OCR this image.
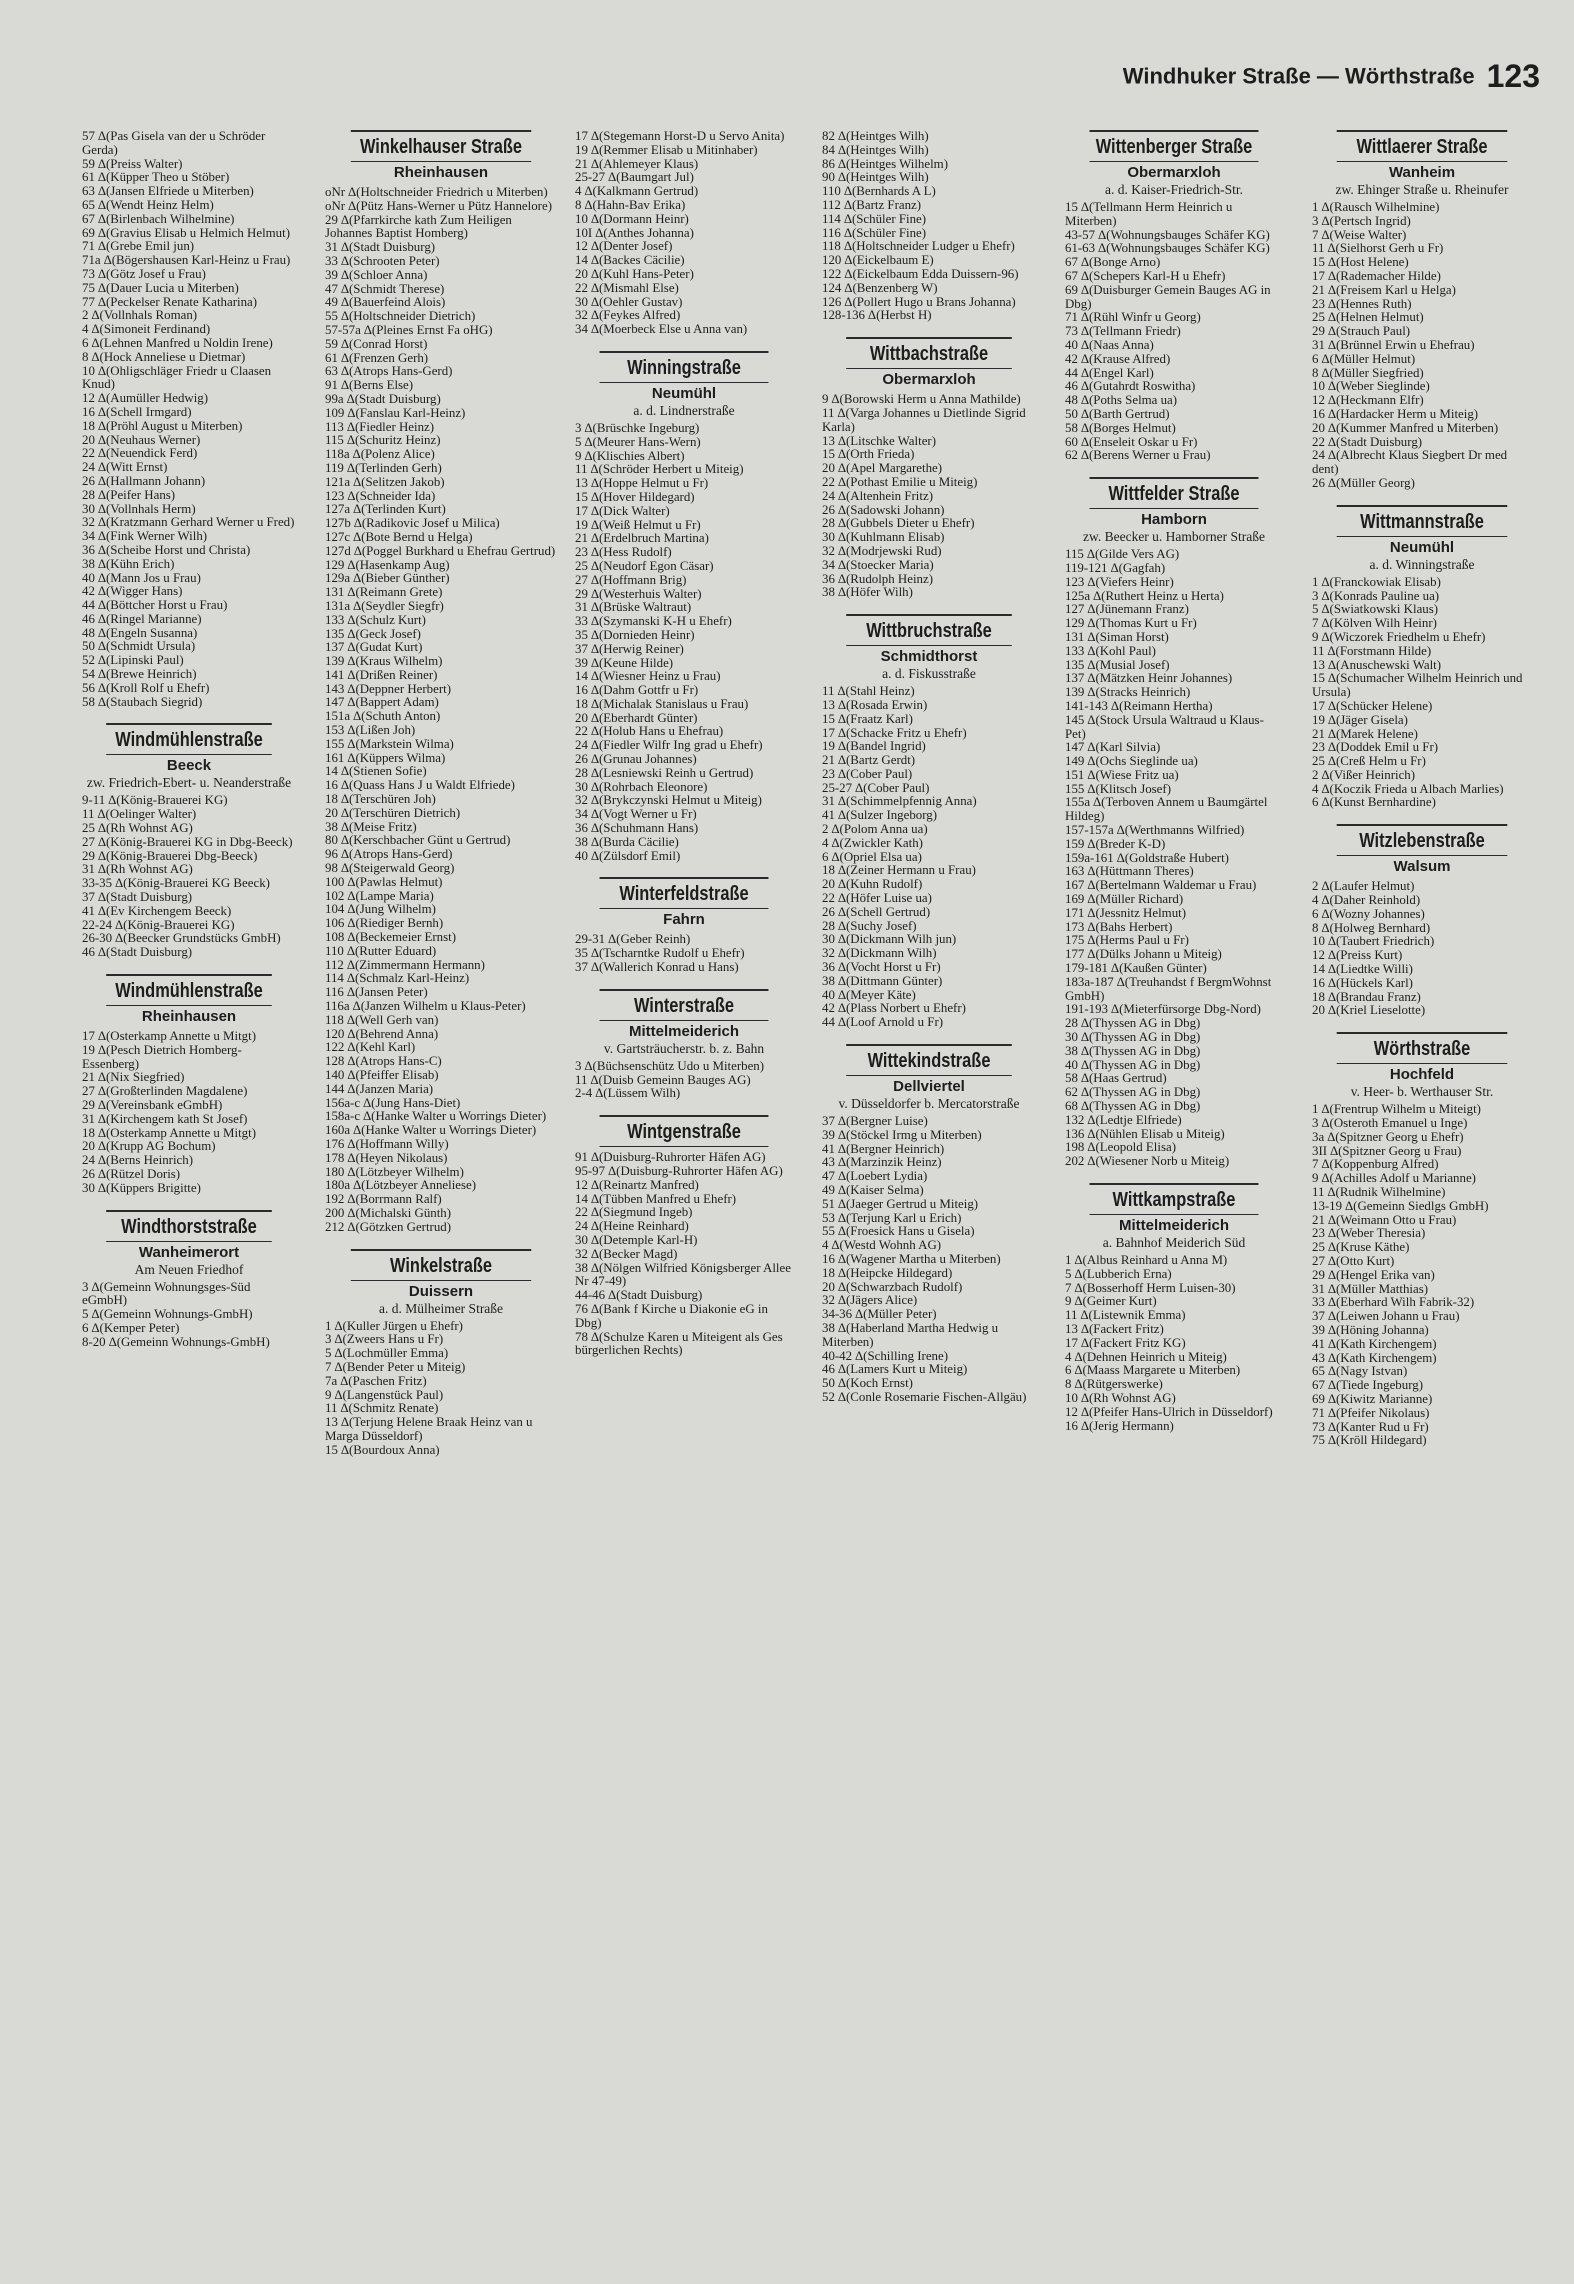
Windhuker Straße — Wörthstraße 123
57 ∆(Pas Gisela van der u Schröder Gerda)
59 ∆(Preiss Walter)
61 ∆(Küpper Theo u Stöber)
63 ∆(Jansen Elfriede u Miterben)
65 ∆(Wendt Heinz Helm)
67 ∆(Birlenbach Wilhelmine)
69 ∆(Gravius Elisab u Helmich Helmut)
71 ∆(Grebe Emil jun)
71a ∆(Bögershausen Karl-Heinz u Frau)
73 ∆(Götz Josef u Frau)
75 ∆(Dauer Lucia u Miterben)
77 ∆(Peckelser Renate Katharina)
2 ∆(Vollnhals Roman)
4 ∆(Simoneit Ferdinand)
6 ∆(Lehnen Manfred u Noldin Irene)
8 ∆(Hock Anneliese u Dietmar)
10 ∆(Ohligschläger Friedr u Claasen Knud)
12 ∆(Aumüller Hedwig)
16 ∆(Schell Irmgard)
18 ∆(Pröhl August u Miterben)
20 ∆(Neuhaus Werner)
22 ∆(Neuendick Ferd)
24 ∆(Witt Ernst)
26 ∆(Hallmann Johann)
28 ∆(Peifer Hans)
30 ∆(Vollnhals Herm)
32 ∆(Kratzmann Gerhard Werner u Fred)
34 ∆(Fink Werner Wilh)
36 ∆(Scheibe Horst und Christa)
38 ∆(Kühn Erich)
40 ∆(Mann Jos u Frau)
42 ∆(Wigger Hans)
44 ∆(Böttcher Horst u Frau)
46 ∆(Ringel Marianne)
48 ∆(Engeln Susanna)
50 ∆(Schmidt Ursula)
52 ∆(Lipinski Paul)
54 ∆(Brewe Heinrich)
56 ∆(Kroll Rolf u Ehefr)
58 ∆(Staubach Siegrid)
Windmühlenstraße
Beeck
zw. Friedrich-Ebert- u. Neanderstraße
9-11 ∆(König-Brauerei KG)
11 ∆(Oelinger Walter)
25 ∆(Rh Wohnst AG)
27 ∆(König-Brauerei KG in Dbg-Beeck)
29 ∆(König-Brauerei Dbg-Beeck)
31 ∆(Rh Wohnst AG)
33-35 ∆(König-Brauerei KG Beeck)
37 ∆(Stadt Duisburg)
41 ∆(Ev Kirchengem Beeck)
22-24 ∆(König-Brauerei KG)
26-30 ∆(Beecker Grundstücks GmbH)
46 ∆(Stadt Duisburg)
Windmühlenstraße
Rheinhausen
17 ∆(Osterkamp Annette u Mitgt)
19 ∆(Pesch Dietrich Homberg-Essenberg)
21 ∆(Nix Siegfried)
27 ∆(Großterlinden Magdalene)
29 ∆(Vereinsbank eGmbH)
31 ∆(Kirchengem kath St Josef)
18 ∆(Osterkamp Annette u Mitgt)
20 ∆(Krupp AG Bochum)
24 ∆(Berns Heinrich)
26 ∆(Rützel Doris)
30 ∆(Küppers Brigitte)
Windthorststraße
Wanheimerort
Am Neuen Friedhof
3 ∆(Gemeinn Wohnungsges-Süd eGmbH)
5 ∆(Gemeinn Wohnungs-GmbH)
6 ∆(Kemper Peter)
8-20 ∆(Gemeinn Wohnungs-GmbH)
Winkelhauser Straße
Rheinhausen
oNr ∆(Holtschneider Friedrich u Miterben)
oNr ∆(Pütz Hans-Werner u Pütz Hannelore)
29 ∆(Pfarrkirche kath Zum Heiligen Johannes Baptist Homberg)
31 ∆(Stadt Duisburg)
33 ∆(Schrooten Peter)
39 ∆(Schloer Anna)
47 ∆(Schmidt Therese)
49 ∆(Bauerfeind Alois)
55 ∆(Holtschneider Dietrich)
57-57a ∆(Pleines Ernst Fa oHG)
59 ∆(Conrad Horst)
61 ∆(Frenzen Gerh)
63 ∆(Atrops Hans-Gerd)
91 ∆(Berns Else)
99a ∆(Stadt Duisburg)
109 ∆(Fanslau Karl-Heinz)
113 ∆(Fiedler Heinz)
115 ∆(Schuritz Heinz)
118a ∆(Polenz Alice)
119 ∆(Terlinden Gerh)
121a ∆(Selitzen Jakob)
123 ∆(Schneider Ida)
127a ∆(Terlinden Kurt)
127b ∆(Radikovic Josef u Milica)
127c ∆(Bote Bernd u Helga)
127d ∆(Poggel Burkhard u Ehefrau Gertrud)
129 ∆(Hasenkamp Aug)
129a ∆(Bieber Günther)
131 ∆(Reimann Grete)
131a ∆(Seydler Siegfr)
133 ∆(Schulz Kurt)
135 ∆(Geck Josef)
137 ∆(Gudat Kurt)
139 ∆(Kraus Wilhelm)
141 ∆(Drißen Reiner)
143 ∆(Deppner Herbert)
147 ∆(Bappert Adam)
151a ∆(Schuth Anton)
153 ∆(Lißen Joh)
155 ∆(Markstein Wilma)
161 ∆(Küppers Wilma)
14 ∆(Stienen Sofie)
16 ∆(Quass Hans J u Waldt Elfriede)
18 ∆(Terschüren Joh)
20 ∆(Terschüren Dietrich)
38 ∆(Meise Fritz)
80 ∆(Kerschbacher Günt u Gertrud)
96 ∆(Atrops Hans-Gerd)
98 ∆(Steigerwald Georg)
100 ∆(Pawlas Helmut)
102 ∆(Lampe Maria)
104 ∆(Jung Wilhelm)
106 ∆(Riediger Bernh)
108 ∆(Beckemeier Ernst)
110 ∆(Rutter Eduard)
112 ∆(Zimmermann Hermann)
114 ∆(Schmalz Karl-Heinz)
116 ∆(Jansen Peter)
116a ∆(Janzen Wilhelm u Klaus-Peter)
118 ∆(Well Gerh van)
120 ∆(Behrend Anna)
122 ∆(Kehl Karl)
128 ∆(Atrops Hans-C)
140 ∆(Pfeiffer Elisab)
144 ∆(Janzen Maria)
156a-c ∆(Jung Hans-Diet)
158a-c ∆(Hanke Walter u Worrings Dieter)
160a ∆(Hanke Walter u Worrings Dieter)
176 ∆(Hoffmann Willy)
178 ∆(Heyen Nikolaus)
180 ∆(Lötzbeyer Wilhelm)
180a ∆(Lötzbeyer Anneliese)
192 ∆(Borrmann Ralf)
200 ∆(Michalski Günth)
212 ∆(Götzken Gertrud)
Winkelstraße
Duissern
a. d. Mülheimer Straße
1 ∆(Kuller Jürgen u Ehefr)
3 ∆(Zweers Hans u Fr)
5 ∆(Lochmüller Emma)
7 ∆(Bender Peter u Miteig)
7a ∆(Paschen Fritz)
9 ∆(Langenstück Paul)
11 ∆(Schmitz Renate)
13 ∆(Terjung Helene Braak Heinz van u Marga Düsseldorf)
15 ∆(Bourdoux Anna)
17 ∆(Stegemann Horst-D u Servo Anita)
19 ∆(Remmer Elisab u Mitinhaber)
21 ∆(Ahlemeyer Klaus)
25-27 ∆(Baumgart Jul)
4 ∆(Kalkmann Gertrud)
8 ∆(Hahn-Bav Erika)
10 ∆(Dormann Heinr)
10I ∆(Anthes Johanna)
12 ∆(Denter Josef)
14 ∆(Backes Cäcilie)
20 ∆(Kuhl Hans-Peter)
22 ∆(Mismahl Else)
30 ∆(Oehler Gustav)
32 ∆(Feykes Alfred)
34 ∆(Moerbeck Else u Anna van)
Winningstraße
Neumühl
a. d. Lindnerstraße
3 ∆(Brüschke Ingeburg)
5 ∆(Meurer Hans-Wern)
9 ∆(Klischies Albert)
11 ∆(Schröder Herbert u Miteig)
13 ∆(Hoppe Helmut u Fr)
15 ∆(Hover Hildegard)
17 ∆(Dick Walter)
19 ∆(Weiß Helmut u Fr)
21 ∆(Erdelbruch Martina)
23 ∆(Hess Rudolf)
25 ∆(Neudorf Egon Cäsar)
27 ∆(Hoffmann Brig)
29 ∆(Westerhuis Walter)
31 ∆(Brüske Waltraut)
33 ∆(Szymanski K-H u Ehefr)
35 ∆(Dornieden Heinr)
37 ∆(Herwig Reiner)
39 ∆(Keune Hilde)
14 ∆(Wiesner Heinz u Frau)
16 ∆(Dahm Gottfr u Fr)
18 ∆(Michalak Stanislaus u Frau)
20 ∆(Eberhardt Günter)
22 ∆(Holub Hans u Ehefrau)
24 ∆(Fiedler Wilfr Ing grad u Ehefr)
26 ∆(Grunau Johannes)
28 ∆(Lesniewski Reinh u Gertrud)
30 ∆(Rohrbach Eleonore)
32 ∆(Brykczynski Helmut u Miteig)
34 ∆(Vogt Werner u Fr)
36 ∆(Schuhmann Hans)
38 ∆(Burda Cäcilie)
40 ∆(Zülsdorf Emil)
Winterfeldstraße
Fahrn
29-31 ∆(Geber Reinh)
35 ∆(Tscharntke Rudolf u Ehefr)
37 ∆(Wallerich Konrad u Hans)
Winterstraße
Mittelmeiderich
v. Gartsträucherstr. b. z. Bahn
3 ∆(Büchsenschütz Udo u Miterben)
11 ∆(Duisb Gemeinn Bauges AG)
2-4 ∆(Lüssem Wilh)
Wintgenstraße
91 ∆(Duisburg-Ruhrorter Häfen AG)
95-97 ∆(Duisburg-Ruhrorter Häfen AG)
12 ∆(Reinartz Manfred)
14 ∆(Tübben Manfred u Ehefr)
22 ∆(Siegmund Ingeb)
24 ∆(Heine Reinhard)
30 ∆(Detemple Karl-H)
32 ∆(Becker Magd)
38 ∆(Nölgen Wilfried Königsberger Allee Nr 47-49)
44-46 ∆(Stadt Duisburg)
76 ∆(Bank f Kirche u Diakonie eG in Dbg)
78 ∆(Schulze Karen u Miteigent als Ges bürgerlichen Rechts)
82 ∆(Heintges Wilh)
84 ∆(Heintges Wilh)
86 ∆(Heintges Wilhelm)
90 ∆(Heintges Wilh)
110 ∆(Bernhards A L)
112 ∆(Bartz Franz)
114 ∆(Schüler Fine)
116 ∆(Schüler Fine)
118 ∆(Holtschneider Ludger u Ehefr)
120 ∆(Eickelbaum E)
122 ∆(Eickelbaum Edda Duissern-96)
124 ∆(Benzenberg W)
126 ∆(Pollert Hugo u Brans Johanna)
128-136 ∆(Herbst H)
Wittbachstraße
Obermarxloh
9 ∆(Borowski Herm u Anna Mathilde)
11 ∆(Varga Johannes u Dietlinde Sigrid Karla)
13 ∆(Litschke Walter)
15 ∆(Orth Frieda)
20 ∆(Apel Margarethe)
22 ∆(Pothast Emilie u Miteig)
24 ∆(Altenhein Fritz)
26 ∆(Sadowski Johann)
28 ∆(Gubbels Dieter u Ehefr)
30 ∆(Kuhlmann Elisab)
32 ∆(Modrjewski Rud)
34 ∆(Stoecker Maria)
36 ∆(Rudolph Heinz)
38 ∆(Höfer Wilh)
Wittbruchstraße
Schmidthorst
a. d. Fiskusstraße
11 ∆(Stahl Heinz)
13 ∆(Rosada Erwin)
15 ∆(Fraatz Karl)
17 ∆(Schacke Fritz u Ehefr)
19 ∆(Bandel Ingrid)
21 ∆(Bartz Gerdt)
23 ∆(Cober Paul)
25-27 ∆(Cober Paul)
31 ∆(Schimmelpfennig Anna)
41 ∆(Sulzer Ingeborg)
2 ∆(Polom Anna ua)
4 ∆(Zwickler Kath)
6 ∆(Opriel Elsa ua)
18 ∆(Zeiner Hermann u Frau)
20 ∆(Kuhn Rudolf)
22 ∆(Höfer Luise ua)
26 ∆(Schell Gertrud)
28 ∆(Suchy Josef)
30 ∆(Dickmann Wilh jun)
32 ∆(Dickmann Wilh)
36 ∆(Vocht Horst u Fr)
38 ∆(Dittmann Günter)
40 ∆(Meyer Käte)
42 ∆(Plass Norbert u Ehefr)
44 ∆(Loof Arnold u Fr)
Wittekindstraße
Dellviertel
v. Düsseldorfer b. Mercatorstraße
37 ∆(Bergner Luise)
39 ∆(Stöckel Irmg u Miterben)
41 ∆(Bergner Heinrich)
43 ∆(Marzinzik Heinz)
47 ∆(Loebert Lydia)
49 ∆(Kaiser Selma)
51 ∆(Jaeger Gertrud u Miteig)
53 ∆(Terjung Karl u Erich)
55 ∆(Froesick Hans u Gisela)
4 ∆(Westd Wohnh AG)
16 ∆(Wagener Martha u Miterben)
18 ∆(Heipcke Hildegard)
20 ∆(Schwarzbach Rudolf)
32 ∆(Jägers Alice)
34-36 ∆(Müller Peter)
38 ∆(Haberland Martha Hedwig u Miterben)
40-42 ∆(Schilling Irene)
46 ∆(Lamers Kurt u Miteig)
50 ∆(Koch Ernst)
52 ∆(Conle Rosemarie Fischen-Allgäu)
Wittenberger Straße
Obermarxloh
a. d. Kaiser-Friedrich-Str.
15 ∆(Tellmann Herm Heinrich u Miterben)
43-57 ∆(Wohnungsbauges Schäfer KG)
61-63 ∆(Wohnungsbauges Schäfer KG)
67 ∆(Bonge Arno)
67 ∆(Schepers Karl-H u Ehefr)
69 ∆(Duisburger Gemein Bauges AG in Dbg)
71 ∆(Rühl Winfr u Georg)
73 ∆(Tellmann Friedr)
40 ∆(Naas Anna)
42 ∆(Krause Alfred)
44 ∆(Engel Karl)
46 ∆(Gutahrdt Roswitha)
48 ∆(Poths Selma ua)
50 ∆(Barth Gertrud)
58 ∆(Borges Helmut)
60 ∆(Enseleit Oskar u Fr)
62 ∆(Berens Werner u Frau)
Wittfelder Straße
Hamborn
zw. Beecker u. Hamborner Straße
115 ∆(Gilde Vers AG)
119-121 ∆(Gagfah)
123 ∆(Viefers Heinr)
125a ∆(Ruthert Heinz u Herta)
127 ∆(Jünemann Franz)
129 ∆(Thomas Kurt u Fr)
131 ∆(Siman Horst)
133 ∆(Kohl Paul)
135 ∆(Musial Josef)
137 ∆(Mätzken Heinr Johannes)
139 ∆(Stracks Heinrich)
141-143 ∆(Reimann Hertha)
145 ∆(Stock Ursula Waltraud u Klaus-Pet)
147 ∆(Karl Silvia)
149 ∆(Ochs Sieglinde ua)
151 ∆(Wiese Fritz ua)
155 ∆(Klitsch Josef)
155a ∆(Terboven Annem u Baumgärtel Hildeg)
157-157a ∆(Werthmanns Wilfried)
159 ∆(Breder K-D)
159a-161 ∆(Goldstraße Hubert)
163 ∆(Hüttmann Theres)
167 ∆(Bertelmann Waldemar u Frau)
169 ∆(Müller Richard)
171 ∆(Jessnitz Helmut)
173 ∆(Bahs Herbert)
175 ∆(Herms Paul u Fr)
177 ∆(Dülks Johann u Miteig)
179-181 ∆(Kaußen Günter)
183a-187 ∆(Treuhandst f BergmWohnst GmbH)
191-193 ∆(Mieterfürsorge Dbg-Nord)
28 ∆(Thyssen AG in Dbg)
30 ∆(Thyssen AG in Dbg)
38 ∆(Thyssen AG in Dbg)
40 ∆(Thyssen AG in Dbg)
58 ∆(Haas Gertrud)
62 ∆(Thyssen AG in Dbg)
68 ∆(Thyssen AG in Dbg)
132 ∆(Ledtje Elfriede)
136 ∆(Nühlen Elisab u Miteig)
198 ∆(Leopold Elisa)
202 ∆(Wiesener Norb u Miteig)
Wittkampstraße
Mittelmeiderich
a. Bahnhof Meiderich Süd
1 ∆(Albus Reinhard u Anna M)
5 ∆(Lubberich Erna)
7 ∆(Bosserhoff Herm Luisen-30)
9 ∆(Geimer Kurt)
11 ∆(Listewnik Emma)
13 ∆(Fackert Fritz)
17 ∆(Fackert Fritz KG)
4 ∆(Dehnen Heinrich u Miteig)
6 ∆(Maass Margarete u Miterben)
8 ∆(Rütgerswerke)
10 ∆(Rh Wohnst AG)
12 ∆(Pfeifer Hans-Ulrich in Düsseldorf)
16 ∆(Jerig Hermann)
Wittlaerer Straße
Wanheim
zw. Ehinger Straße u. Rheinufer
1 ∆(Rausch Wilhelmine)
3 ∆(Pertsch Ingrid)
7 ∆(Weise Walter)
11 ∆(Sielhorst Gerh u Fr)
15 ∆(Host Helene)
17 ∆(Rademacher Hilde)
21 ∆(Freisem Karl u Helga)
23 ∆(Hennes Ruth)
25 ∆(Helnen Helmut)
29 ∆(Strauch Paul)
31 ∆(Brünnel Erwin u Ehefrau)
6 ∆(Müller Helmut)
8 ∆(Müller Siegfried)
10 ∆(Weber Sieglinde)
12 ∆(Heckmann Elfr)
16 ∆(Hardacker Herm u Miteig)
20 ∆(Kummer Manfred u Miterben)
22 ∆(Stadt Duisburg)
24 ∆(Albrecht Klaus Siegbert Dr med dent)
26 ∆(Müller Georg)
Wittmannstraße
Neumühl
a. d. Winningstraße
1 ∆(Franckowiak Elisab)
3 ∆(Konrads Pauline ua)
5 ∆(Swiatkowski Klaus)
7 ∆(Kölven Wilh Heinr)
9 ∆(Wiczorek Friedhelm u Ehefr)
11 ∆(Forstmann Hilde)
13 ∆(Anuschewski Walt)
15 ∆(Schumacher Wilhelm Heinrich und Ursula)
17 ∆(Schücker Helene)
19 ∆(Jäger Gisela)
21 ∆(Marek Helene)
23 ∆(Doddek Emil u Fr)
25 ∆(Creß Helm u Fr)
2 ∆(Vißer Heinrich)
4 ∆(Koczik Frieda u Albach Marlies)
6 ∆(Kunst Bernhardine)
Witzlebenstraße
Walsum
2 ∆(Laufer Helmut)
4 ∆(Daher Reinhold)
6 ∆(Wozny Johannes)
8 ∆(Holweg Bernhard)
10 ∆(Taubert Friedrich)
12 ∆(Preiss Kurt)
14 ∆(Liedtke Willi)
16 ∆(Hückels Karl)
18 ∆(Brandau Franz)
20 ∆(Kriel Lieselotte)
Wörthstraße
Hochfeld
v. Heer- b. Werthauser Str.
1 ∆(Frentrup Wilhelm u Miteigt)
3 ∆(Osteroth Emanuel u Inge)
3a ∆(Spitzner Georg u Ehefr)
3II ∆(Spitzner Georg u Frau)
7 ∆(Koppenburg Alfred)
9 ∆(Achilles Adolf u Marianne)
11 ∆(Rudnik Wilhelmine)
13-19 ∆(Gemeinn Siedlgs GmbH)
21 ∆(Weimann Otto u Frau)
23 ∆(Weber Theresia)
25 ∆(Kruse Käthe)
27 ∆(Otto Kurt)
29 ∆(Hengel Erika van)
31 ∆(Müller Matthias)
33 ∆(Eberhard Wilh Fabrik-32)
37 ∆(Leiwen Johann u Frau)
39 ∆(Höning Johanna)
41 ∆(Kath Kirchengem)
43 ∆(Kath Kirchengem)
65 ∆(Nagy Istvan)
67 ∆(Tiede Ingeburg)
69 ∆(Kiwitz Marianne)
71 ∆(Pfeifer Nikolaus)
73 ∆(Kanter Rud u Fr)
75 ∆(Kröll Hildegard)
